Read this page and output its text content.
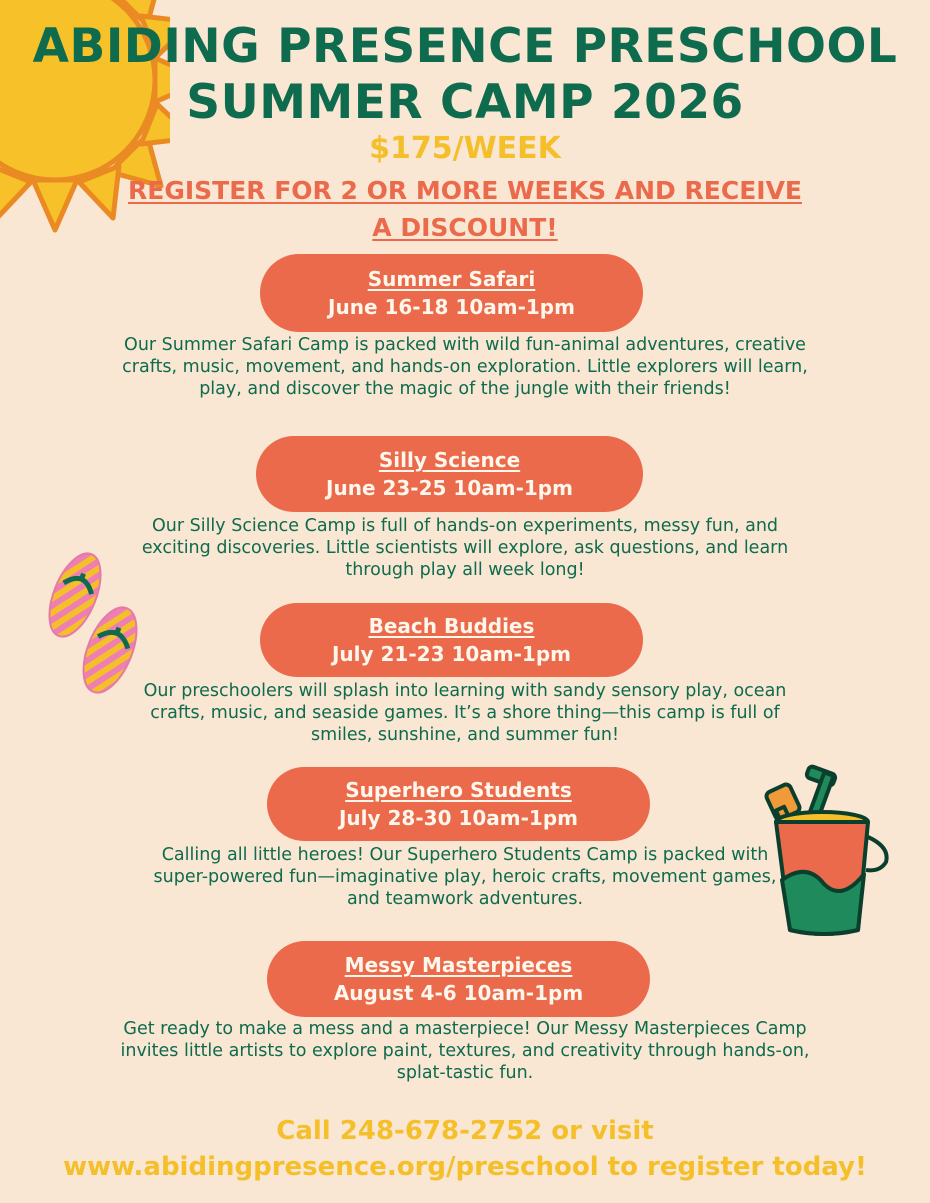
ABIDING PRESENCE PRESCHOOL
SUMMER CAMP 2026
$175/WEEK
REGISTER FOR 2 OR MORE WEEKS AND RECEIVE A DISCOUNT!
Summer Safari
June 16-18 10am-1pm

Our Summer Safari Camp is packed with wild fun-animal adventures, creative crafts, music, movement, and hands-on exploration. Little explorers will learn, play, and discover the magic of the jungle with their friends!

Silly Science
June 23-25 10am-1pm

Our Silly Science Camp is full of hands-on experiments, messy fun, and exciting discoveries. Little scientists will explore, ask questions, and learn through play all week long!

Beach Buddies
July 21-23 10am-1pm

Our preschoolers will splash into learning with sandy sensory play, ocean crafts, music, and seaside games. It’s a shore thing—this camp is full of smiles, sunshine, and summer fun!

Superhero Students
July 28-30 10am-1pm

Calling all little heroes! Our Superhero Students Camp is packed with super-powered fun—imaginative play, heroic crafts, movement games, and teamwork adventures.

Messy Masterpieces
August 4-6 10am-1pm

Get ready to make a mess and a masterpiece! Our Messy Masterpieces Camp invites little artists to explore paint, textures, and creativity through hands-on, splat-tastic fun.

Call 248-678-2752 or visit
www.abidingpresence.org/preschool to register today!
